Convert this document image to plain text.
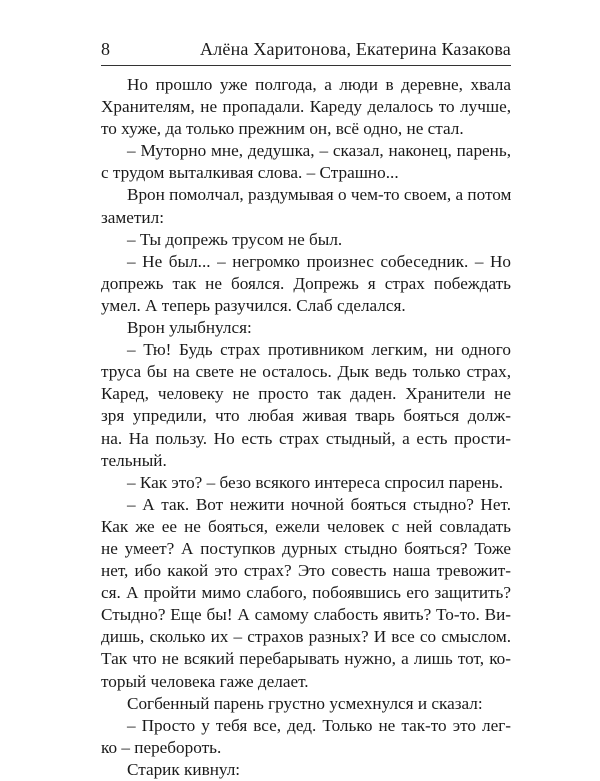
8	Алёна Харитонова, Екатерина Казакова
Но прошло уже полгода, а люди в деревне, хвала
Хранителям, не пропадали. Кареду делалось то лучше,
то хуже, да только прежним он, всё одно, не стал.
– Муторно мне, дедушка, – сказал, наконец, парень,
с трудом выталкивая слова. – Страшно...
Врон помолчал, раздумывая о чем-то своем, а потом
заметил:
– Ты допрежь трусом не был.
– Не был... – негромко произнес собеседник. – Но
допрежь так не боялся. Допрежь я страх побеждать
умел. А теперь разучился. Слаб сделался.
Врон улыбнулся:
– Тю! Будь страх противником легким, ни одного
труса бы на свете не осталось. Дык ведь только страх,
Каред, человеку не просто так даден. Хранители не
зря упредили, что любая живая тварь бояться долж-
на. На пользу. Но есть страх стыдный, а есть прости-
тельный.
– Как это? – безо всякого интереса спросил парень.
– А так. Вот нежити ночной бояться стыдно? Нет.
Как же ее не бояться, ежели человек с ней совладать
не умеет? А поступков дурных стыдно бояться? Тоже
нет, ибо какой это страх? Это совесть наша тревожит-
ся. А пройти мимо слабого, побоявшись его защитить?
Стыдно? Еще бы! А самому слабость явить? То-то. Ви-
дишь, сколько их – страхов разных? И все со смыслом.
Так что не всякий перебарывать нужно, а лишь тот, ко-
торый человека гаже делает.
Согбенный парень грустно усмехнулся и сказал:
– Просто у тебя все, дед. Только не так-то это лег-
ко – перебороть.
Старик кивнул:
